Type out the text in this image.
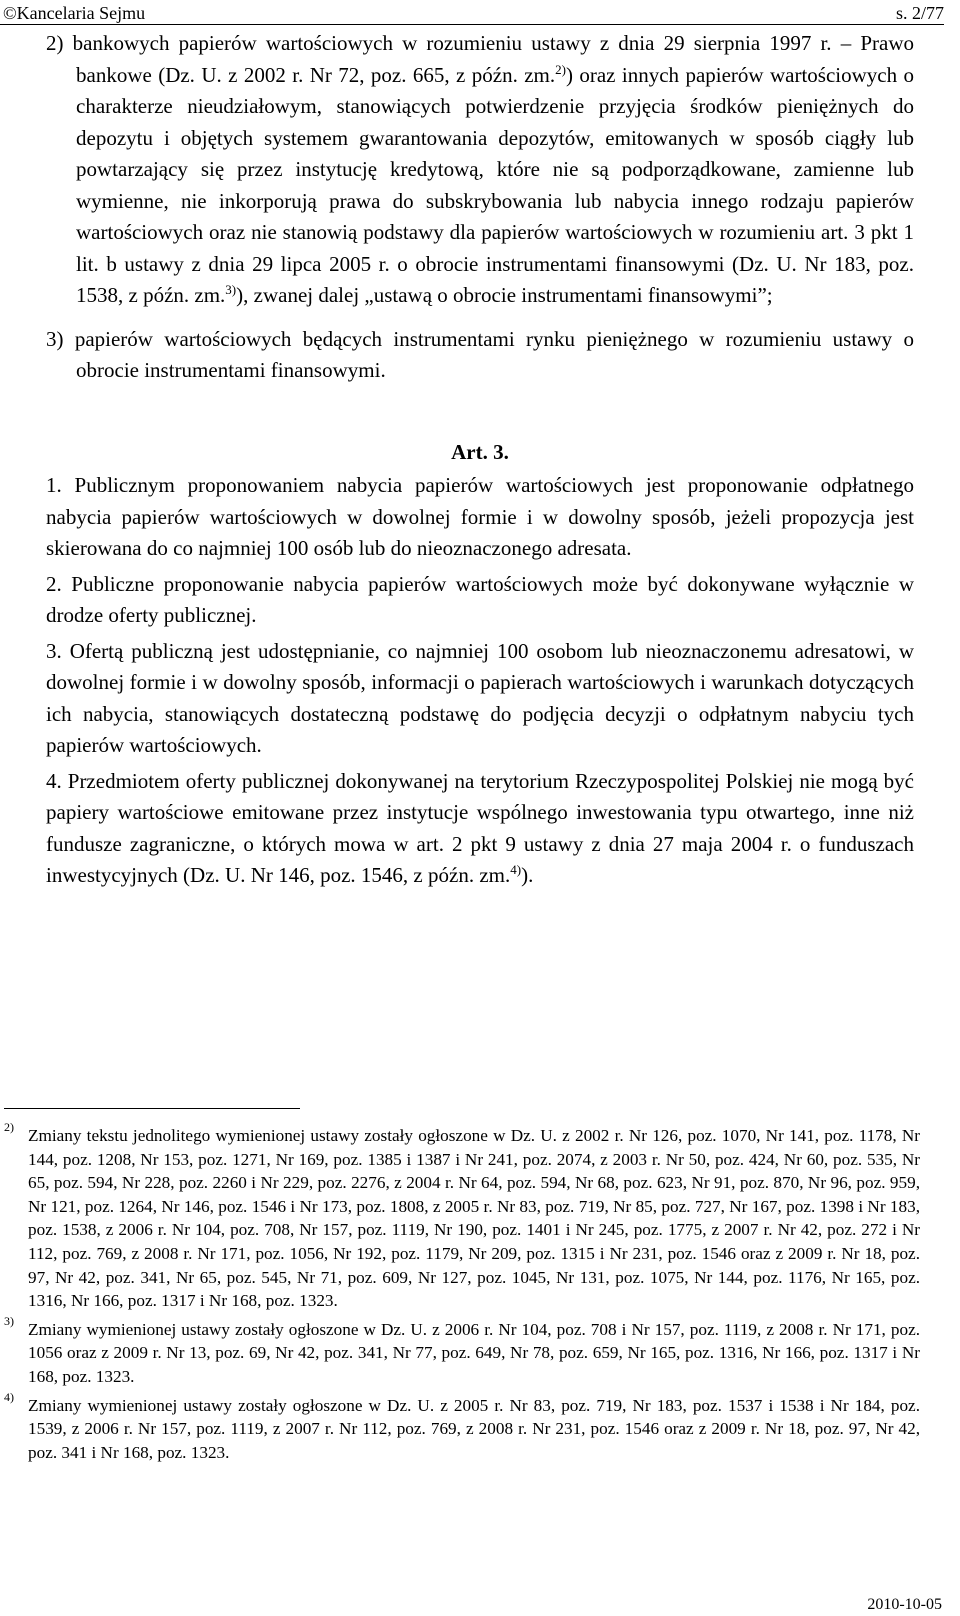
©Kancelaria Sejmu	s. 2/77

2) bankowych papierów wartościowych w rozumieniu ustawy z dnia 29 sierpnia 1997 r. – Prawo bankowe (Dz. U. z 2002 r. Nr 72, poz. 665, z późn. zm.$^{2)}$) oraz innych papierów wartościowych o charakterze nieudziałowym, stanowiących potwierdzenie przyjęcia środków pieniężnych do depozytu i objętych systemem gwarantowania depozytów, emitowanych w sposób ciągły lub powtarzający się przez instytucję kredytową, które nie są podporządkowane, zamienne lub wymienne, nie inkorporują prawa do subskrybowania lub nabycia innego rodzaju papierów wartościowych oraz nie stanowią podstawy dla papierów wartościowych w rozumieniu art. 3 pkt 1 lit. b ustawy z dnia 29 lipca 2005 r. o obrocie instrumentami finansowymi (Dz. U. Nr 183, poz. 1538, z późn. zm.$^{3)}$), zwanej dalej „ustawą o obrocie instrumentami finansowymi”;

3) papierów wartościowych będących instrumentami rynku pieniężnego w rozumieniu ustawy o obrocie instrumentami finansowymi.

Art. 3.

1. Publicznym proponowaniem nabycia papierów wartościowych jest proponowanie odpłatnego nabycia papierów wartościowych w dowolnej formie i w dowolny sposób, jeżeli propozycja jest skierowana do co najmniej 100 osób lub do nieoznaczonego adresata.

2. Publiczne proponowanie nabycia papierów wartościowych może być dokonywane wyłącznie w drodze oferty publicznej.

3. Ofertą publiczną jest udostępnianie, co najmniej 100 osobom lub nieoznaczonemu adresatowi, w dowolnej formie i w dowolny sposób, informacji o papierach wartościowych i warunkach dotyczących ich nabycia, stanowiących dostateczną podstawę do podjęcia decyzji o odpłatnym nabyciu tych papierów wartościowych.

4. Przedmiotem oferty publicznej dokonywanej na terytorium Rzeczypospolitej Polskiej nie mogą być papiery wartościowe emitowane przez instytucje wspólnego inwestowania typu otwartego, inne niż fundusze zagraniczne, o których mowa w art. 2 pkt 9 ustawy z dnia 27 maja 2004 r. o funduszach inwestycyjnych (Dz. U. Nr 146, poz. 1546, z późn. zm.$^{4)}$).

2) Zmiany tekstu jednolitego wymienionej ustawy zostały ogłoszone w Dz. U. z 2002 r. Nr 126, poz. 1070, Nr 141, poz. 1178, Nr 144, poz. 1208, Nr 153, poz. 1271, Nr 169, poz. 1385 i 1387 i Nr 241, poz. 2074, z 2003 r. Nr 50, poz. 424, Nr 60, poz. 535, Nr 65, poz. 594, Nr 228, poz. 2260 i Nr 229, poz. 2276, z 2004 r. Nr 64, poz. 594, Nr 68, poz. 623, Nr 91, poz. 870, Nr 96, poz. 959, Nr 121, poz. 1264, Nr 146, poz. 1546 i Nr 173, poz. 1808, z 2005 r. Nr 83, poz. 719, Nr 85, poz. 727, Nr 167, poz. 1398 i Nr 183, poz. 1538, z 2006 r. Nr 104, poz. 708, Nr 157, poz. 1119, Nr 190, poz. 1401 i Nr 245, poz. 1775, z 2007 r. Nr 42, poz. 272 i Nr 112, poz. 769, z 2008 r. Nr 171, poz. 1056, Nr 192, poz. 1179, Nr 209, poz. 1315 i Nr 231, poz. 1546 oraz z 2009 r. Nr 18, poz. 97, Nr 42, poz. 341, Nr 65, poz. 545, Nr 71, poz. 609, Nr 127, poz. 1045, Nr 131, poz. 1075, Nr 144, poz. 1176, Nr 165, poz. 1316, Nr 166, poz. 1317 i Nr 168, poz. 1323.
3) Zmiany wymienionej ustawy zostały ogłoszone w Dz. U. z 2006 r. Nr 104, poz. 708 i Nr 157, poz. 1119, z 2008 r. Nr 171, poz. 1056 oraz z 2009 r. Nr 13, poz. 69, Nr 42, poz. 341, Nr 77, poz. 649, Nr 78, poz. 659, Nr 165, poz. 1316, Nr 166, poz. 1317 i Nr 168, poz. 1323.
4) Zmiany wymienionej ustawy zostały ogłoszone w Dz. U. z 2005 r. Nr 83, poz. 719, Nr 183, poz. 1537 i 1538 i Nr 184, poz. 1539, z 2006 r. Nr 157, poz. 1119, z 2007 r. Nr 112, poz. 769, z 2008 r. Nr 231, poz. 1546 oraz z 2009 r. Nr 18, poz. 97, Nr 42, poz. 341 i Nr 168, poz. 1323.
2010-10-05
